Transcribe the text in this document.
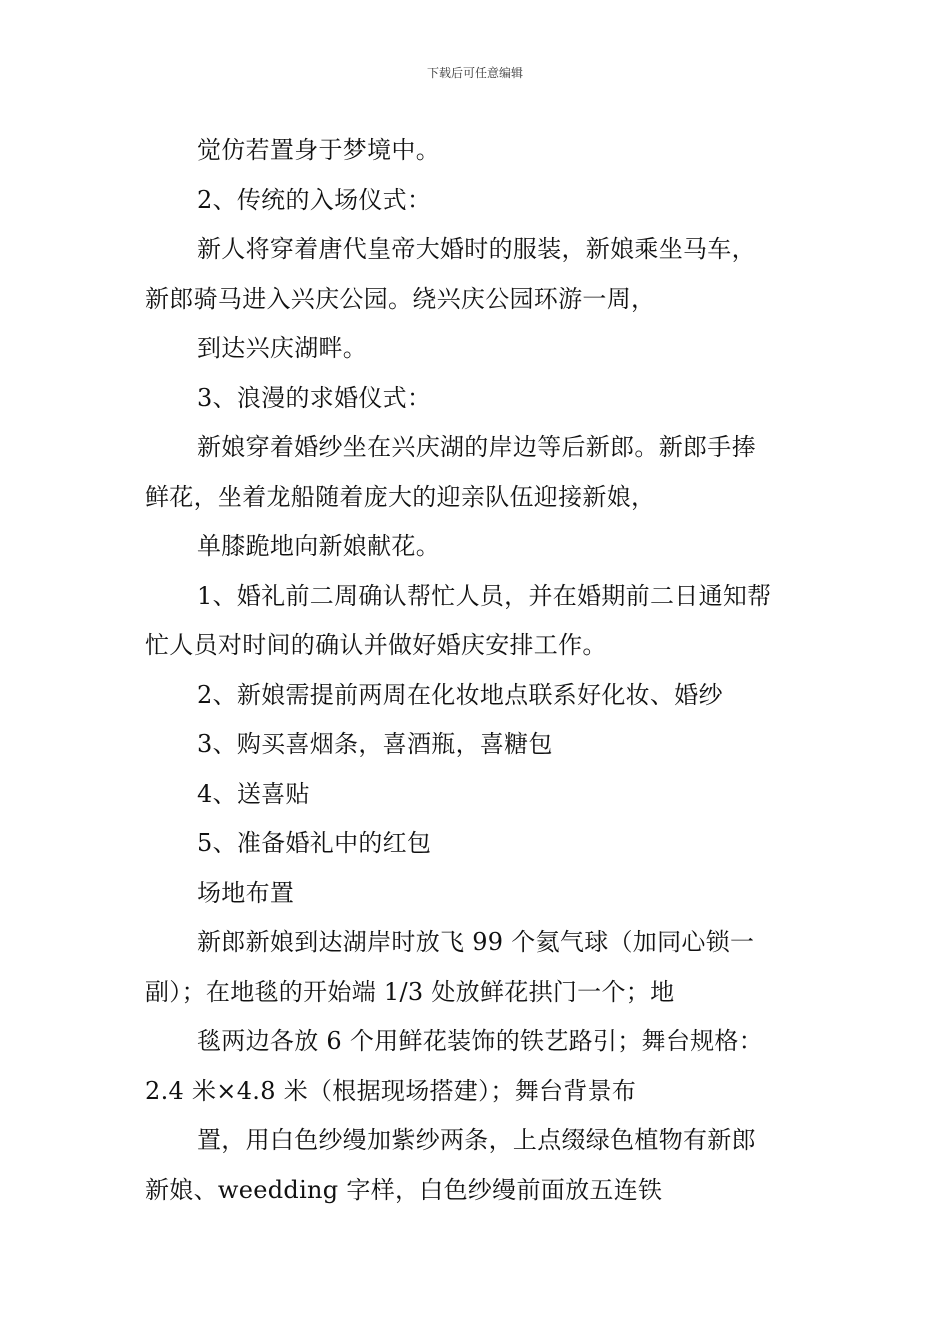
下载后可任意编辑

觉仿若置身于梦境中。

2、传统的入场仪式：

新人将穿着唐代皇帝大婚时的服装，新娘乘坐马车，

新郎骑马进入兴庆公园。绕兴庆公园环游一周，

到达兴庆湖畔。

3、浪漫的求婚仪式：

新娘穿着婚纱坐在兴庆湖的岸边等后新郎。新郎手捧

鲜花，坐着龙船随着庞大的迎亲队伍迎接新娘，

单膝跪地向新娘献花。

1、婚礼前二周确认帮忙人员，并在婚期前二日通知帮

忙人员对时间的确认并做好婚庆安排工作。

2、新娘需提前两周在化妆地点联系好化妆、婚纱

3、购买喜烟条，喜酒瓶，喜糖包

4、送喜贴

5、准备婚礼中的红包

场地布置

新郎新娘到达湖岸时放飞 99 个氦气球（加同心锁一

副）；在地毯的开始端 1/3 处放鲜花拱门一个；地

毯两边各放 6 个用鲜花装饰的铁艺路引；舞台规格：

2.4 米×4.8 米（根据现场搭建）；舞台背景布

置，用白色纱缦加紫纱两条，上点缀绿色植物有新郎

新娘、weedding 字样，白色纱缦前面放五连铁
